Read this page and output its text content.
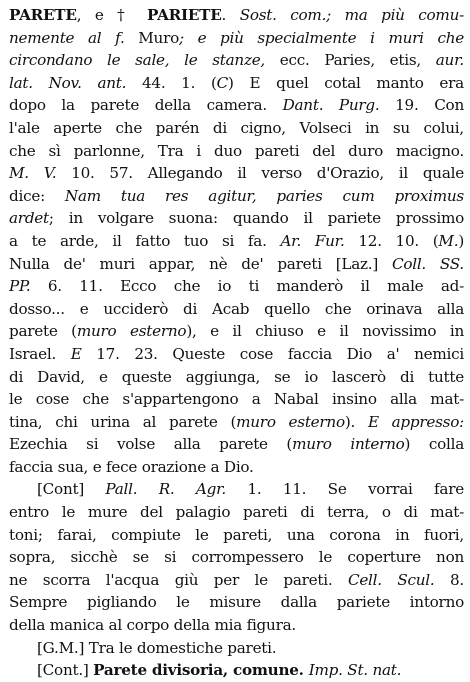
PARETE, e † PARIETE. Sost. com.; ma più comu-
nemente al f. Muro; e più specialmente i muri che
circondano le sale, le stanze, ecc. Paries, etis, aur.
lat. Nov. ant. 44. 1. (C) E quel cotal manto era
dopo la parete della camera. Dant. Purg. 19. Con
l'ale aperte che parén di cigno, Volseci in su colui,
che sì parlonne, Tra i duo pareti del duro macigno.
M. V. 10. 57. Allegando il verso d'Orazio, il quale
dice: Nam tua res agitur, paries cum proximus
ardet; in volgare suona: quando il pariete prossimo
a te arde, il fatto tuo si fa. Ar. Fur. 12. 10. (M.)
Nulla de' muri appar, nè de' pareti [Laz.] Coll. SS.
PP. 6. 11. Ecco che io ti manderò il male ad-
dosso... e ucciderò di Acab quello che orinava alla
parete (muro esterno), e il chiuso e il novissimo in
Israel. E 17. 23. Queste cose faccia Dio a' nemici
di David, e queste aggiunga, se io lascerò di tutte
le cose che s'appartengono a Nabal insino alla mat-
tina, chi urina al parete (muro esterno). E appresso:
Ezechia si volse alla parete (muro interno) colla
faccia sua, e fece orazione a Dio.
[Cont] Pall. R. Agr. 1. 11. Se vorrai fare
entro le mure del palagio pareti di terra, o di mat-
toni; farai, compiute le pareti, una corona in fuori,
sopra, sicchè se si corrompessero le coperture non
ne scorra l'acqua giù per le pareti. Cell. Scul. 8.
Sempre pigliando le misure dalla pariete intorno
della manica al corpo della mia figura.
[G.M.] Tra le domestiche pareti.
[Cont.] Parete divisoria, comune. Imp. St. nat.
